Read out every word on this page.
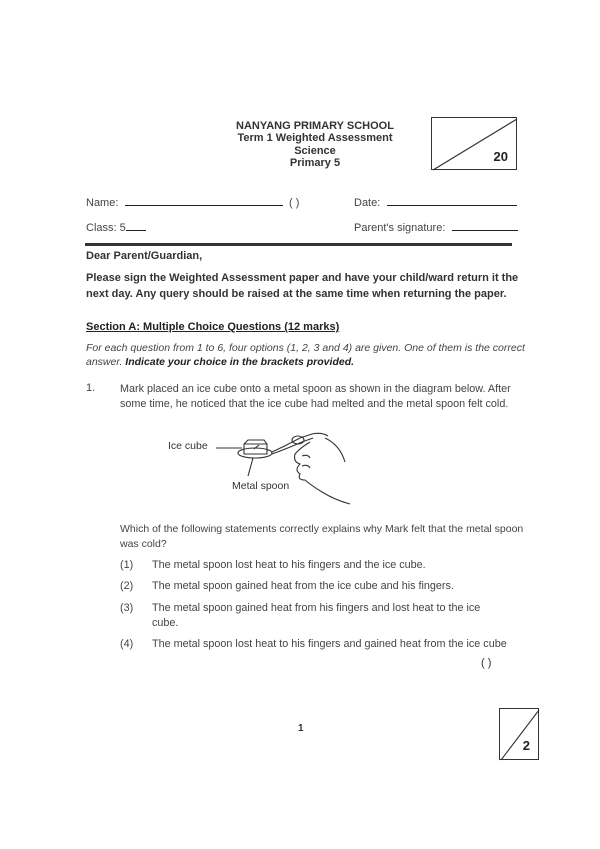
NANYANG PRIMARY SCHOOL
Term 1 Weighted Assessment
Science
Primary 5	20
Name:	( )	Date:
Class: 5	Parent's signature:
Dear Parent/Guardian,
Please sign the Weighted Assessment paper and have your child/ward return it the next day. Any query should be raised at the same time when returning the paper.
Section A: Multiple Choice Questions (12 marks)
For each question from 1 to 6, four options (1, 2, 3 and 4) are given. One of them is the correct answer. Indicate your choice in the brackets provided.
1. Mark placed an ice cube onto a metal spoon as shown in the diagram below. After some time, he noticed that the ice cube had melted and the metal spoon felt cold.
Ice cube
Metal spoon
Which of the following statements correctly explains why Mark felt that the metal spoon was cold?
(1) The metal spoon lost heat to his fingers and the ice cube.
(2) The metal spoon gained heat from the ice cube and his fingers.
(3) The metal spoon gained heat from his fingers and lost heat to the ice cube.
(4) The metal spoon lost heat to his fingers and gained heat from the ice cube
( )
1
2
